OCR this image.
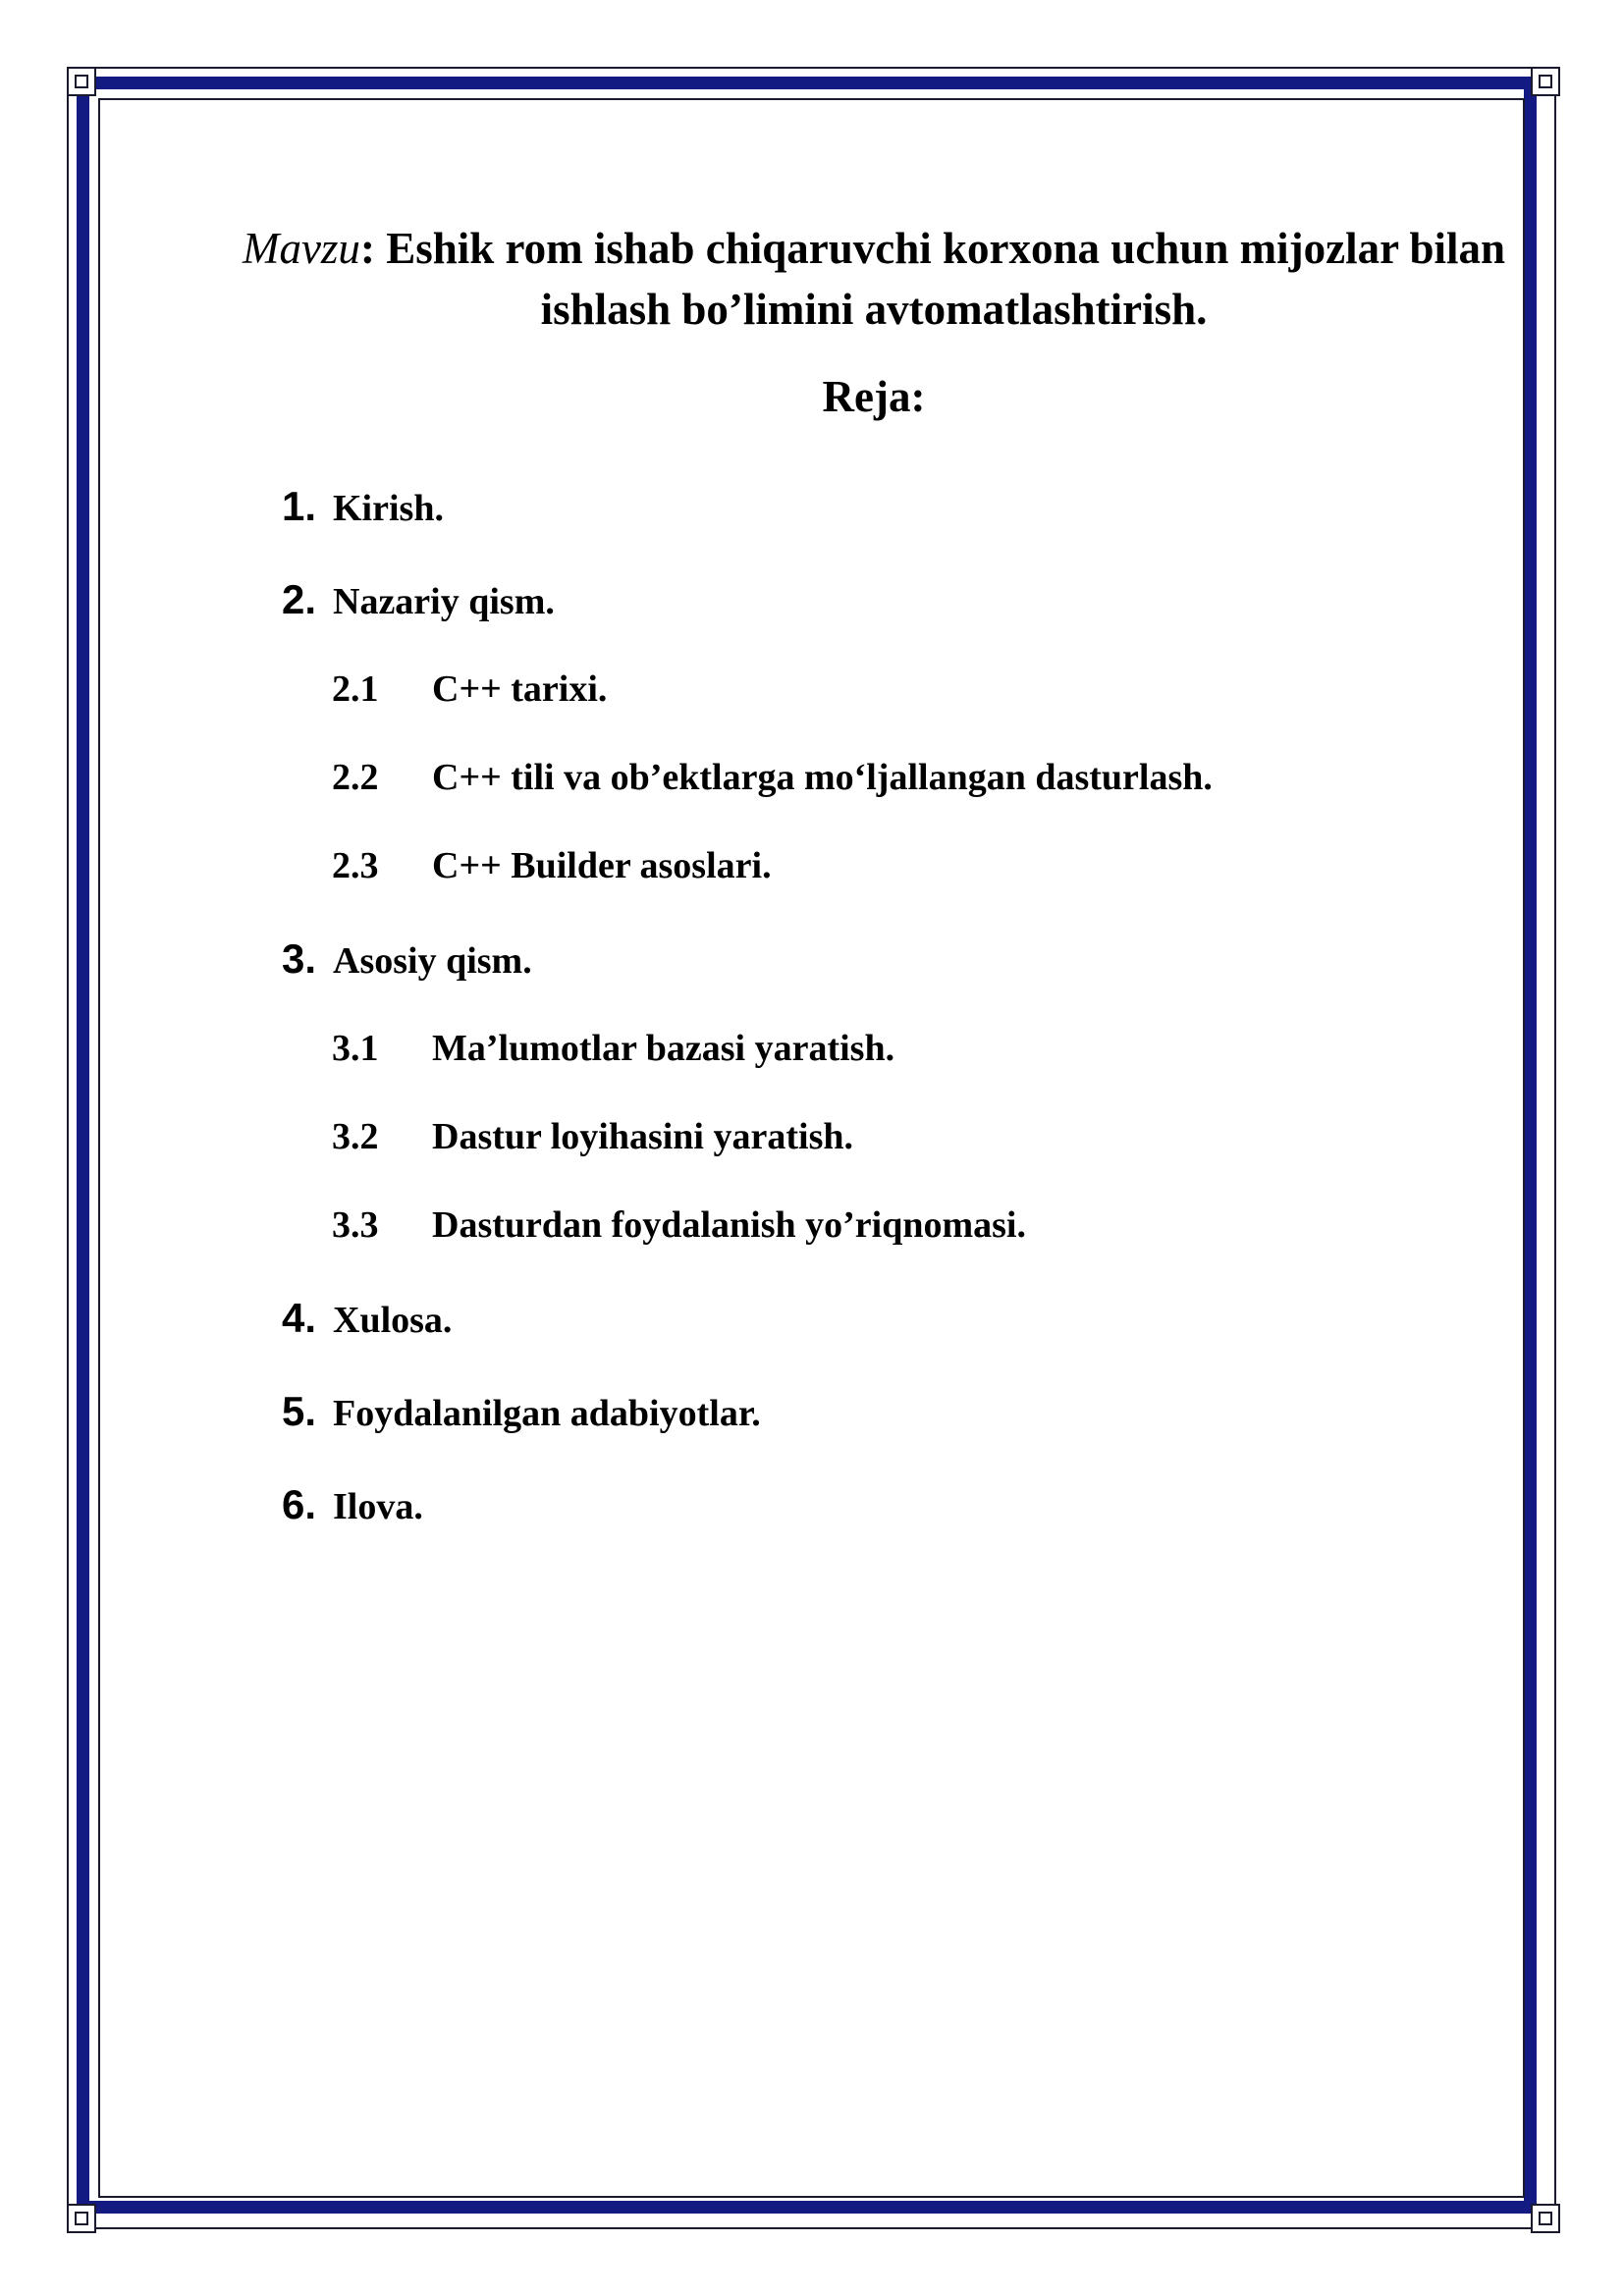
Mavzu: Eshik rom ishab chiqaruvchi korxona uchun mijozlar bilan ishlash bo’limini avtomatlashtirish.
Reja:
1. Kirish.
2. Nazariy qism.
2.1 C++ tarixi.
2.2 C++ tili va ob’ektlarga mo‘ljallangan dasturlash.
2.3 C++ Builder asoslari.
3. Asosiy qism.
3.1 Ma’lumotlar bazasi yaratish.
3.2 Dastur loyihasini yaratish.
3.3 Dasturdan foydalanish yo’riqnomasi.
4. Xulosa.
5. Foydalanilgan adabiyotlar.
6. Ilova.
